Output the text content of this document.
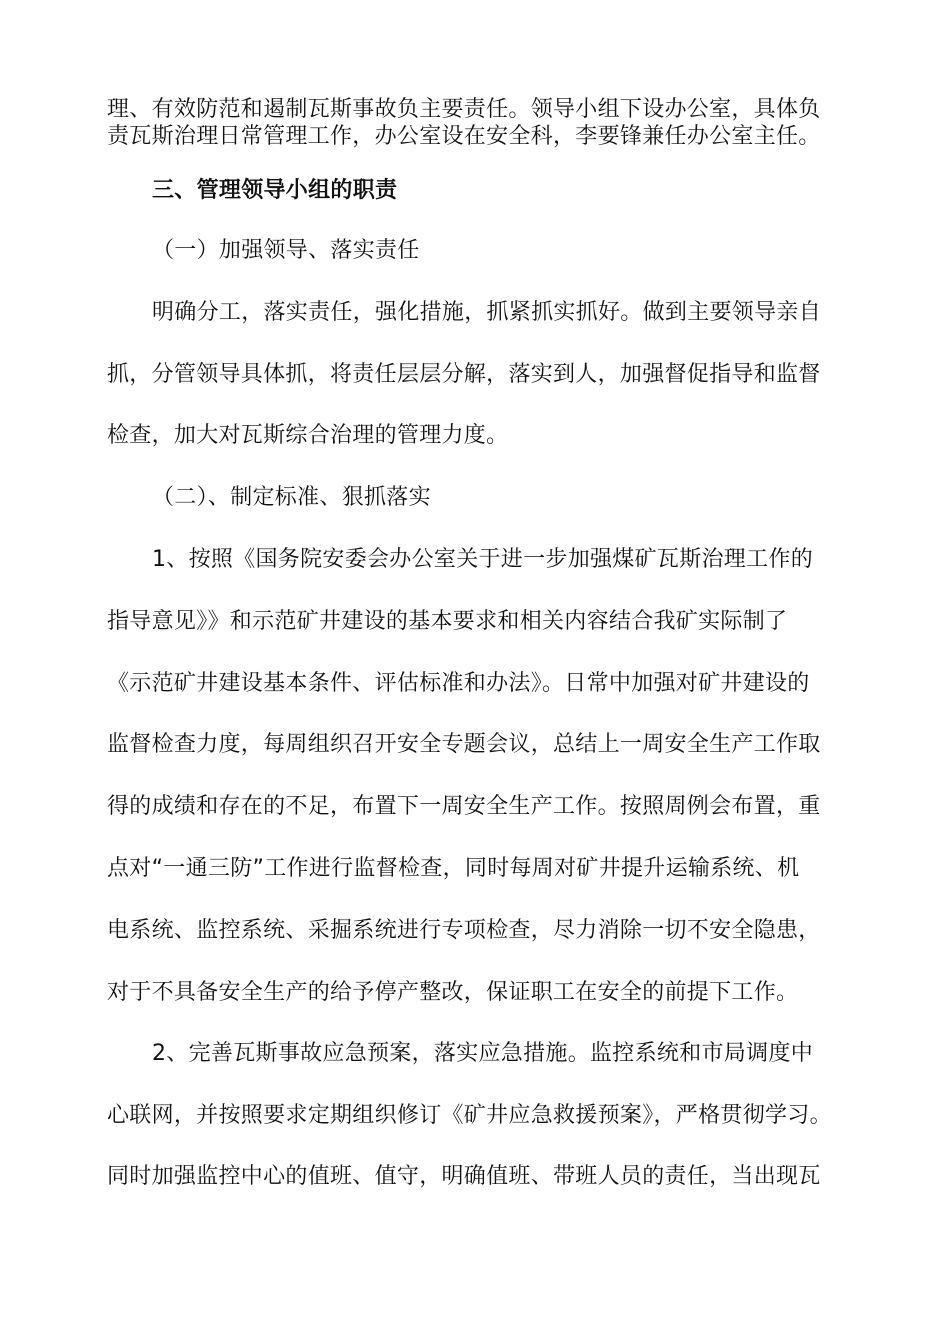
理、有效防范和遏制瓦斯事故负主要责任。领导小组下设办公室，具体负
责瓦斯治理日常管理工作，办公室设在安全科，李要锋兼任办公室主任。
三、管理领导小组的职责
（一）加强领导、落实责任
明确分工，落实责任，强化措施，抓紧抓实抓好。做到主要领导亲自
抓，分管领导具体抓，将责任层层分解，落实到人，加强督促指导和监督
检查，加大对瓦斯综合治理的管理力度。
（二）、制定标准、狠抓落实
1、按照《国务院安委会办公室关于进一步加强煤矿瓦斯治理工作的
指导意见》》和示范矿井建设的基本要求和相关内容结合我矿实际制了
《示范矿井建设基本条件、评估标准和办法》。日常中加强对矿井建设的
监督检查力度，每周组织召开安全专题会议，总结上一周安全生产工作取
得的成绩和存在的不足，布置下一周安全生产工作。按照周例会布置，重
点对“一通三防”工作进行监督检查，同时每周对矿井提升运输系统、机
电系统、监控系统、采掘系统进行专项检查，尽力消除一切不安全隐患，
对于不具备安全生产的给予停产整改，保证职工在安全的前提下工作。
2、完善瓦斯事故应急预案，落实应急措施。监控系统和市局调度中
心联网，并按照要求定期组织修订《矿井应急救援预案》，严格贯彻学习。
同时加强监控中心的值班、值守，明确值班、带班人员的责任，当出现瓦
